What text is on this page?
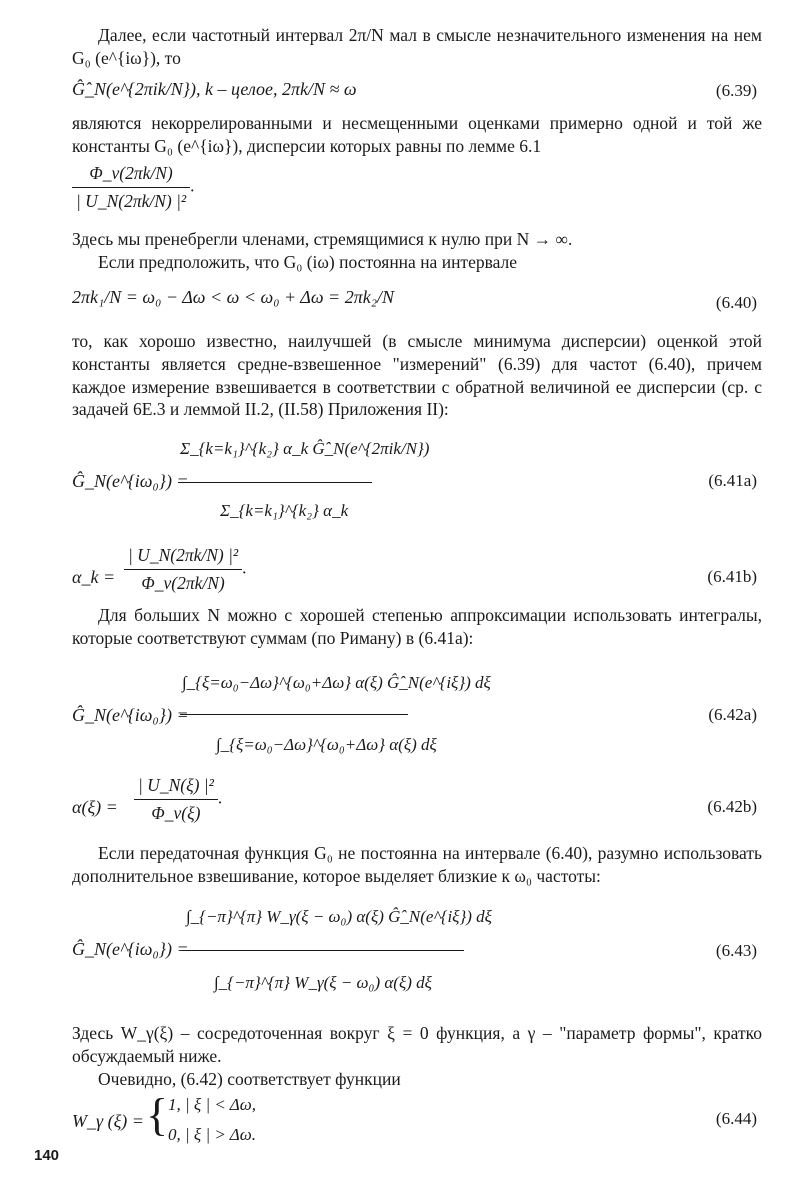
Далее, если частотный интервал 2π/N мал в смысле незначительного изменения на нем G₀ (e^{iω}), то

Ĝ̂_N(e^{2πik/N}), k – целое, 2πk/N ≈ ω	(6.39)

являются некоррелированными и несмещенными оценками примерно одной и той же константы G₀ (e^{iω}), дисперсии которых равны по лемме 6.1

$\frac{\Phi\_v(2\pi k/N)}{\text{| U\_N(2πk/N) |²}}$ .

Здесь мы пренебрегли членами, стремящимися к нулю при N → ∞.

Если предположить, что G₀ (iω) постоянна на интервале

2πk₁/N = ω₀ − Δω < ω < ω₀ + Δω = 2πk₂/N	(6.40)

то, как хорошо известно, наилучшей (в смысле минимума дисперсии) оценкой этой константы является средне-взвешенное "измерений" (6.39) для частот (6.40), причем каждое измерение взвешивается в соответствии с обратной величиной ее дисперсии (ср. с задачей 6E.3 и леммой II.2, (II.58) Приложения II):

Ĝ_N(e^{iω₀}) =
Σ_{k=k₁}^{k₂} α_k Ĝ̂_N(e^{2πik/N})
Σ_{k=k₁}^{k₂} α_k
(6.41a)
α_k = $\frac{\text{| U\_N(2πk/N) |²}}{\Phi\_v(2\pi k/N)}$ .	(6.41b)

Для больших N можно с хорошей степенью аппроксимации использовать интегралы, которые соответствуют суммам (по Риману) в (6.41a):

Ĝ_N(e^{iω₀}) =
∫_{ξ=ω₀−Δω}^{ω₀+Δω} α(ξ) Ĝ̂_N(e^{iξ}) dξ
∫_{ξ=ω₀−Δω}^{ω₀+Δω} α(ξ) dξ
(6.42a)
$\alpha(\xi) = \frac{\text{| U\_N(ξ) |²}}{\Phi\_v(\xi)}$ .	(6.42b)

Если передаточная функция G₀ не постоянна на интервале (6.40), разумно использовать дополнительное взвешивание, которое выделяет близкие к ω₀ частоты:

Ĝ_N(e^{iω₀}) =
∫_{−π}^{π} W_γ(ξ − ω₀) α(ξ) Ĝ̂_N(e^{iξ}) dξ
∫_{−π}^{π} W_γ(ξ − ω₀) α(ξ) dξ
(6.43)

Здесь W_γ(ξ) – сосредоточенная вокруг ξ = 0 функция, а γ – "параметр формы", кратко обсуждаемый ниже.

Очевидно, (6.42) соответствует функции

W_γ (ξ) = { 1, | ξ | < Δω,
0, | ξ | > Δω.
(6.44)
140
